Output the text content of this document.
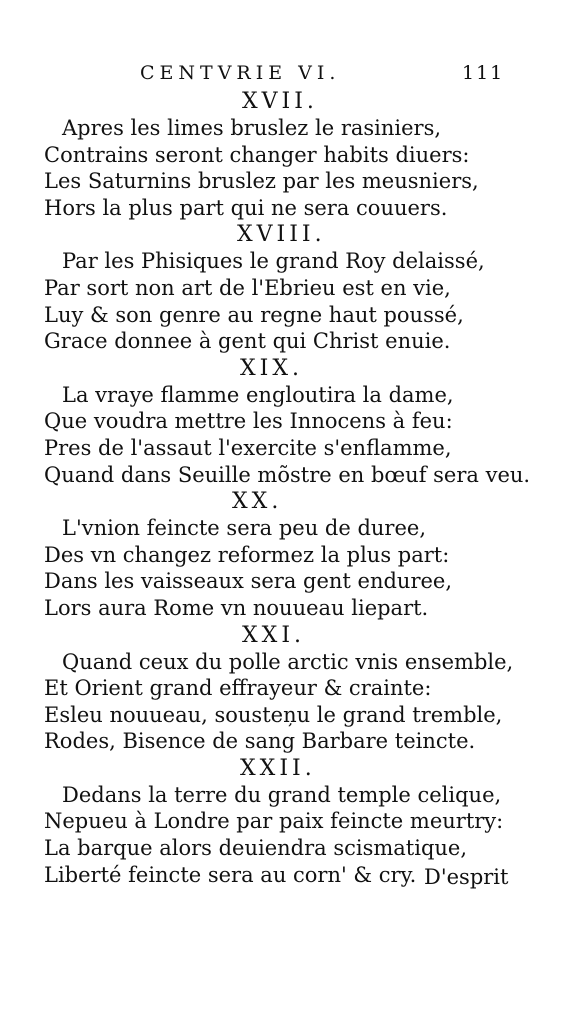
CENTVRIE VI.	111
XVII.
Apres les limes bruslez le rasiniers,
Contrains seront changer habits diuers:
Les Saturnins bruslez par les meusniers,
Hors la plus part qui ne sera couuers.
XVIII.
Par les Phisiques le grand Roy delaissé,
Par sort non art de l'Ebrieu est en vie,
Luy & son genre au regne haut poussé,
Grace donnee à gent qui Christ enuie.
XIX.
La vraye flamme engloutira la dame,
Que voudra mettre les Innocens à feu:
Pres de l'assaut l'exercite s'enflamme,
Quand dans Seuille mõstre en bœuf sera veu.
XX.
L'vnion feincte sera peu de duree,
Des vn changez reformez la plus part:
Dans les vaisseaux sera gent enduree,
Lors aura Rome vn nouueau liepart.
XXI.
Quand ceux du polle arctic vnis ensemble,
Et Orient grand effrayeur & crainte:
Esleu nouueau, sousteņu le grand tremble,
Rodes, Bisence de sang Barbare teincte.
XXII.
Dedans la terre du grand temple celique,
Nepueu à Londre par paix feincte meurtry:
La barque alors deuiendra scismatique,
Liberté feincte sera au corn' & cry. D'esprit
